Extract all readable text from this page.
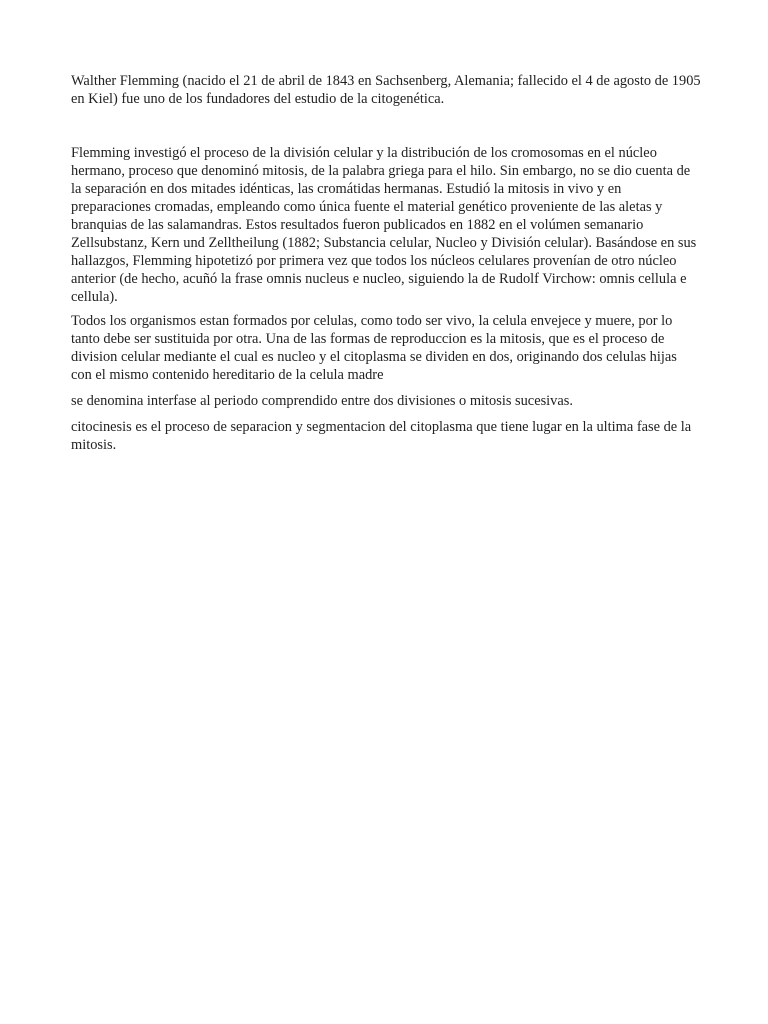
Walther Flemming (nacido el 21 de abril de 1843 en Sachsenberg, Alemania; fallecido el 4 de agosto de 1905 en Kiel) fue uno de los fundadores del estudio de la citogenética.

Flemming investigó el proceso de la división celular y la distribución de los cromosomas en el núcleo hermano, proceso que denominó mitosis, de la palabra griega para el hilo. Sin embargo, no se dio cuenta de la separación en dos mitades idénticas, las cromátidas hermanas. Estudió la mitosis in vivo y en preparaciones cromadas, empleando como única fuente el material genético proveniente de las aletas y branquias de las salamandras. Estos resultados fueron publicados en 1882 en el volúmen semanario Zellsubstanz, Kern und Zelltheilung (1882; Substancia celular, Nucleo y División celular). Basándose en sus hallazgos, Flemming hipotetizó por primera vez que todos los núcleos celulares provenían de otro núcleo anterior (de hecho, acuñó la frase omnis nucleus e nucleo, siguiendo la de Rudolf Virchow: omnis cellula e cellula).

Todos los organismos estan formados por celulas, como todo ser vivo, la celula envejece y muere, por lo tanto debe ser sustituida por otra. Una de las formas de reproduccion es la mitosis, que es el proceso de division celular mediante el cual es nucleo y el citoplasma se dividen en dos, originando dos celulas hijas con el mismo contenido hereditario de la celula madre

se denomina interfase al periodo comprendido entre dos divisiones o mitosis sucesivas.

citocinesis es el proceso de separacion y segmentacion del citoplasma que tiene lugar en la ultima fase de la mitosis.
